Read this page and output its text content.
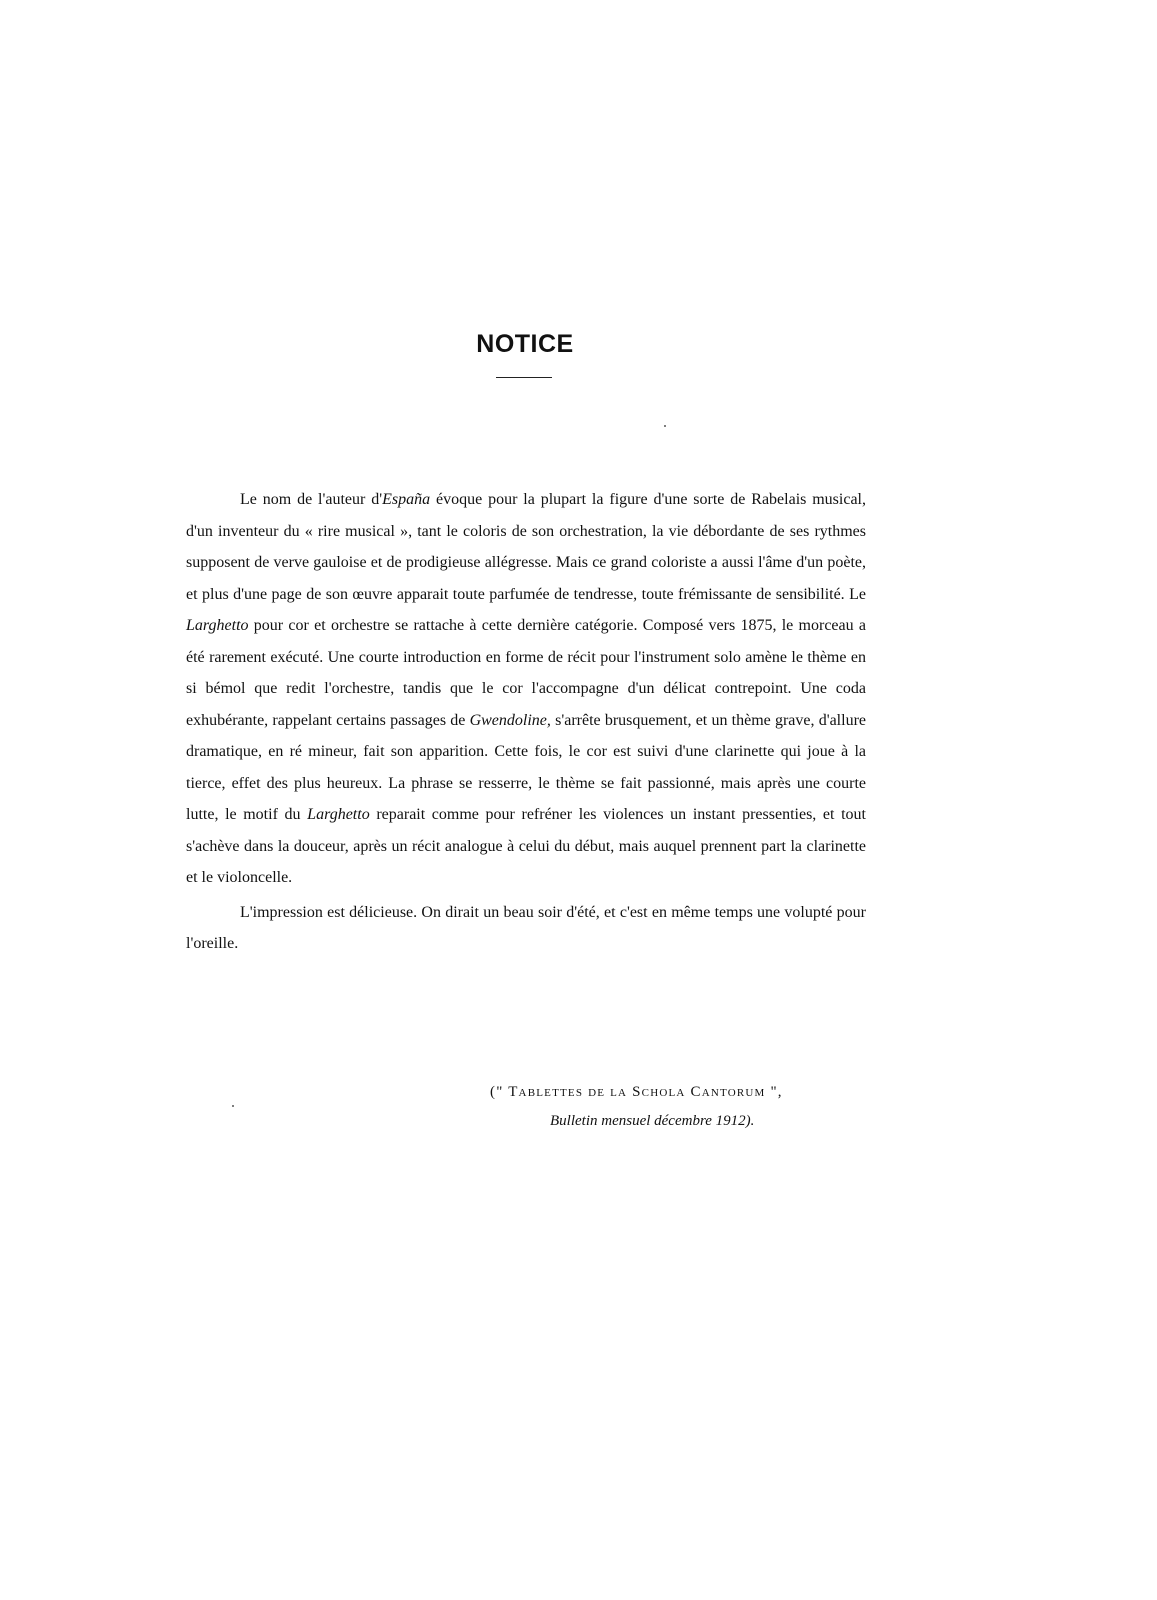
NOTICE

Le nom de l'auteur d'España évoque pour la plupart la figure d'une sorte de Rabelais musical, d'un inventeur du « rire musical », tant le coloris de son orchestration, la vie débordante de ses rythmes supposent de verve gauloise et de prodigieuse allégresse. Mais ce grand coloriste a aussi l'âme d'un poète, et plus d'une page de son œuvre apparait toute parfumée de tendresse, toute frémissante de sensibilité. Le Larghetto pour cor et orchestre se rattache à cette dernière catégorie. Composé vers 1875, le morceau a été rarement exécuté. Une courte introduction en forme de récit pour l'instrument solo amène le thème en si bémol que redit l'orchestre, tandis que le cor l'accompagne d'un délicat contrepoint. Une coda exhubérante, rappelant certains passages de Gwendoline, s'arrête brusquement, et un thème grave, d'allure dramatique, en ré mineur, fait son apparition. Cette fois, le cor est suivi d'une clarinette qui joue à la tierce, effet des plus heureux. La phrase se resserre, le thème se fait passionné, mais après une courte lutte, le motif du Larghetto reparait comme pour refréner les violences un instant pressenties, et tout s'achève dans la douceur, après un récit analogue à celui du début, mais auquel prennent part la clarinette et le violoncelle.

L'impression est délicieuse. On dirait un beau soir d'été, et c'est en même temps une volupté pour l'oreille.

(" Tablettes de la Schola Cantorum ",
Bulletin mensuel décembre 1912).
